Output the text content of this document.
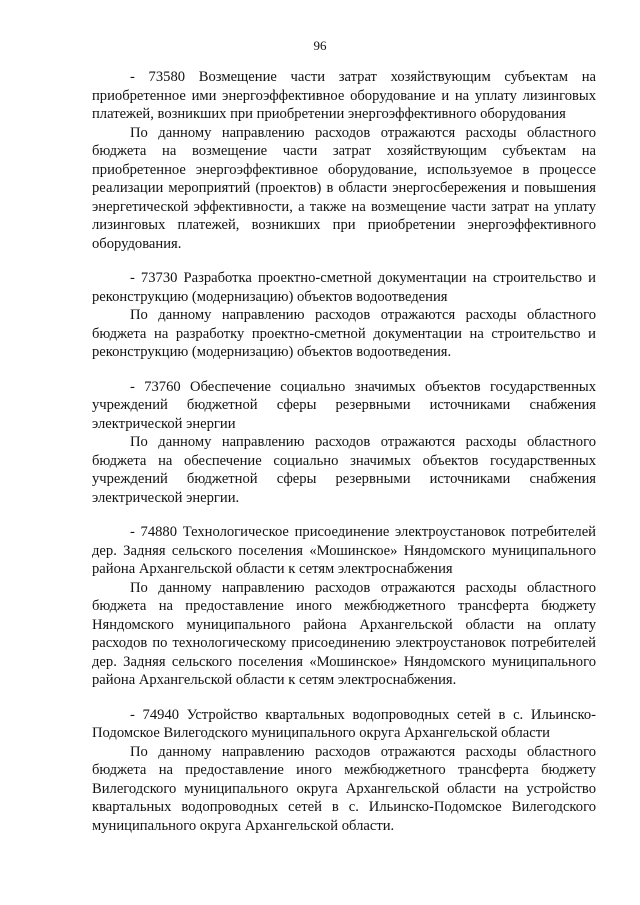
96

- 73580 Возмещение части затрат хозяйствующим субъектам на приобретенное ими энергоэффективное оборудование и на уплату лизинговых платежей, возникших при приобретении энергоэффективного оборудования

По данному направлению расходов отражаются расходы областного бюджета на возмещение части затрат хозяйствующим субъектам на приобретенное энергоэффективное оборудование, используемое в процессе реализации мероприятий (проектов) в области энергосбережения и повышения энергетической эффективности, а также на возмещение части затрат на уплату лизинговых платежей, возникших при приобретении энергоэффективного оборудования.

- 73730 Разработка проектно-сметной документации на строительство и реконструкцию (модернизацию) объектов водоотведения

По данному направлению расходов отражаются расходы областного бюджета на разработку проектно-сметной документации на строительство и реконструкцию (модернизацию) объектов водоотведения.

- 73760 Обеспечение социально значимых объектов государственных учреждений бюджетной сферы резервными источниками снабжения электрической энергии

По данному направлению расходов отражаются расходы областного бюджета на обеспечение социально значимых объектов государственных учреждений бюджетной сферы резервными источниками снабжения электрической энергии.

- 74880 Технологическое присоединение электроустановок потребителей дер. Задняя сельского поселения «Мошинское» Няндомского муниципального района Архангельской области к сетям электроснабжения

По данному направлению расходов отражаются расходы областного бюджета на предоставление иного межбюджетного трансферта бюджету Няндомского муниципального района Архангельской области на оплату расходов по технологическому присоединению электроустановок потребителей дер. Задняя сельского поселения «Мошинское» Няндомского муниципального района Архангельской области к сетям электроснабжения.

- 74940 Устройство квартальных водопроводных сетей в с. Ильинско-Подомское Вилегодского муниципального округа Архангельской области

По данному направлению расходов отражаются расходы областного бюджета на предоставление иного межбюджетного трансферта бюджету Вилегодского муниципального округа Архангельской области на устройство квартальных водопроводных сетей в с. Ильинско-Подомское Вилегодского муниципального округа Архангельской области.
